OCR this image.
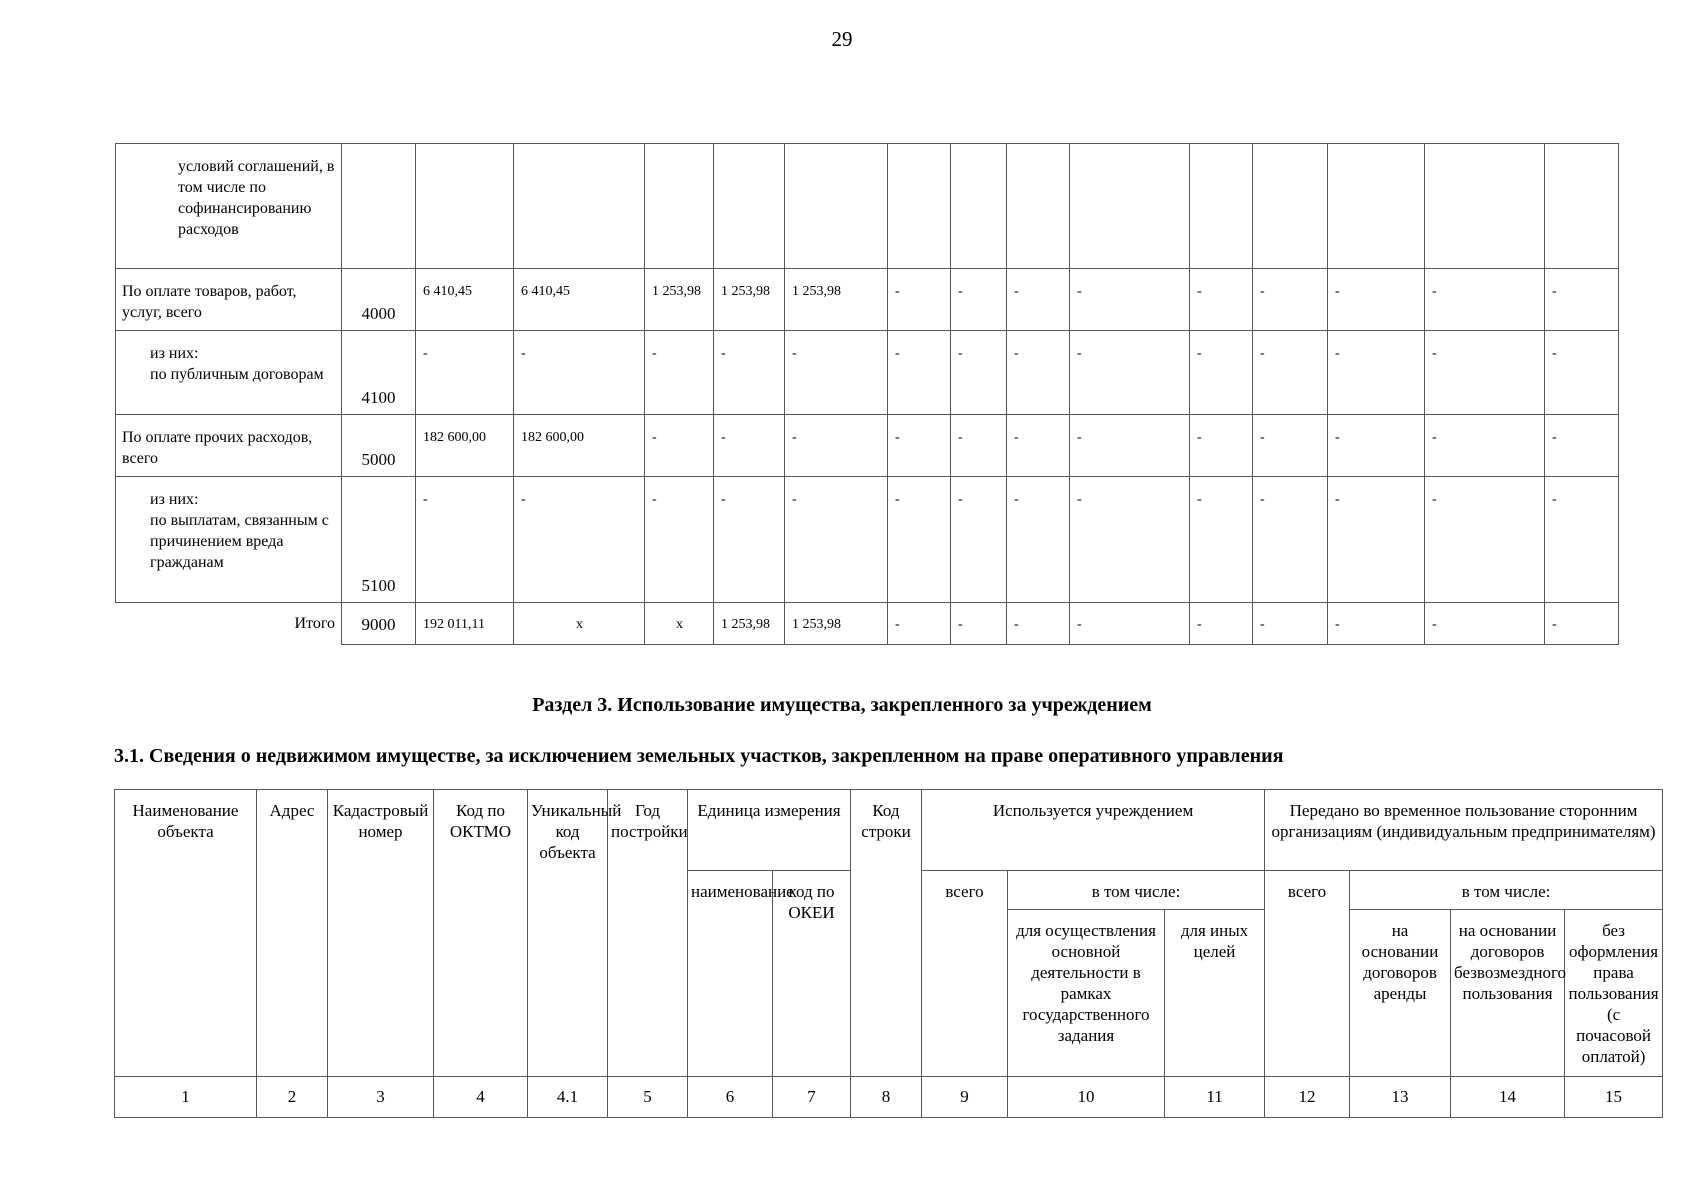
29
условий соглашений, в том числе по софинансированию расходов															
По оплате товаров, работ, услуг, всего	4000	6 410,45	6 410,45	1 253,98	1 253,98	1 253,98	-	-	-	-	-	-	-	-	-
из них:
по публичным договорам	4100	-	-	-	-	-	-	-	-	-	-	-	-	-	-
По оплате прочих расходов, всего	5000	182 600,00	182 600,00	-	-	-	-	-	-	-	-	-	-	-	-
из них:
по выплатам, связанным с причинением вреда гражданам	5100	-	-	-	-	-	-	-	-	-	-	-	-	-	-
Итого	9000	192 011,11	x	x	1 253,98	1 253,98	-	-	-	-	-	-	-	-	-
Раздел 3. Использование имущества, закрепленного за учреждением
3.1. Сведения о недвижимом имуществе, за исключением земельных участков, закрепленном на праве оперативного управления
Наименование объекта	Адрес	Кадастровый номер	Код по ОКТМО	Уникальный код объекта	Год постройки	Единица измерения		Код строки	Используется учреждением			Передано во временное пользование сторонним организациям (индивидуальным предпринимателям)			
						наименование	код по ОКЕИ		всего	в том числе:		всего	в том числе:		
										для осуществления основной деятельности в рамках государственного задания	для иных целей		на основании договоров аренды	на основании договоров безвозмездного пользования	без оформления права пользования (с почасовой оплатой)
1	2	3	4	4.1	5	6	7	8	9	10	11	12	13	14	15
